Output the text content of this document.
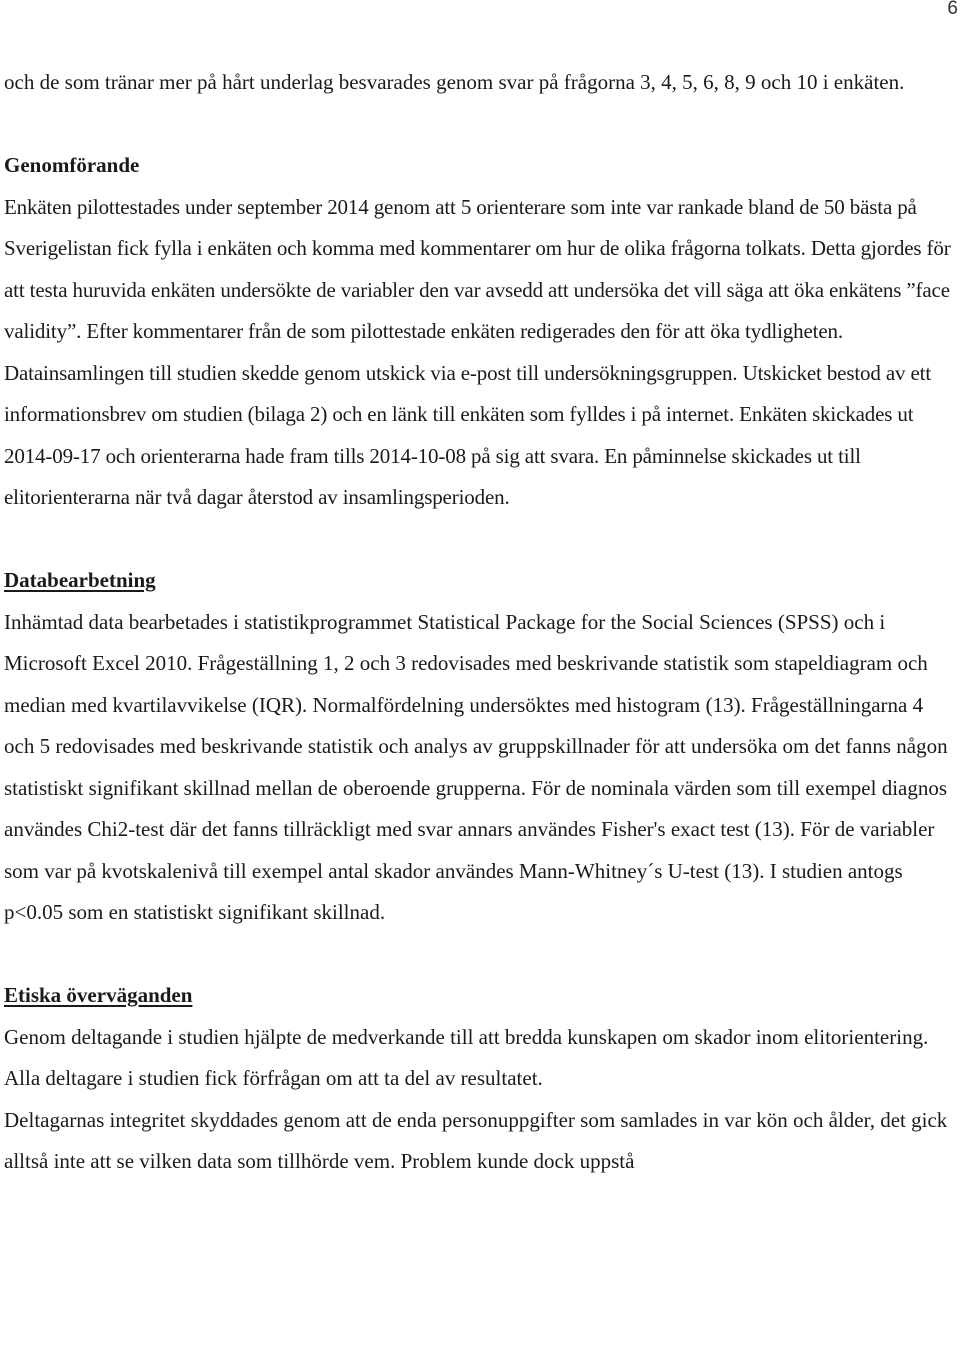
6

och de som tränar mer på hårt underlag besvarades genom svar på frågorna 3, 4, 5, 6, 8, 9 och 10 i enkäten.

Genomförande

Enkäten pilottestades under september 2014 genom att 5 orienterare som inte var rankade bland de 50 bästa på Sverigelistan fick fylla i enkäten och komma med kommentarer om hur de olika frågorna tolkats. Detta gjordes för att testa huruvida enkäten undersökte de variabler den var avsedd att undersöka det vill säga att öka enkätens ”face validity”. Efter kommentarer från de som pilottestade enkäten redigerades den för att öka tydligheten.

Datainsamlingen till studien skedde genom utskick via e-post till undersökningsgruppen. Utskicket bestod av ett informationsbrev om studien (bilaga 2) och en länk till enkäten som fylldes i på internet. Enkäten skickades ut 2014-09-17 och orienterarna hade fram tills 2014-10-08 på sig att svara. En påminnelse skickades ut till elitorienterarna när två dagar återstod av insamlingsperioden.

Databearbetning

Inhämtad data bearbetades i statistikprogrammet Statistical Package for the Social Sciences (SPSS) och i Microsoft Excel 2010. Frågeställning 1, 2 och 3 redovisades med beskrivande statistik som stapeldiagram och median med kvartilavvikelse (IQR). Normalfördelning undersöktes med histogram (13). Frågeställningarna 4 och 5 redovisades med beskrivande statistik och analys av gruppskillnader för att undersöka om det fanns någon statistiskt signifikant skillnad mellan de oberoende grupperna. För de nominala värden som till exempel diagnos användes Chi2-test där det fanns tillräckligt med svar annars användes Fisher's exact test (13). För de variabler som var på kvotskalenivå till exempel antal skador användes Mann-Whitney´s U-test (13). I studien antogs p<0.05 som en statistiskt signifikant skillnad.

Etiska överväganden

Genom deltagande i studien hjälpte de medverkande till att bredda kunskapen om skador inom elitorientering. Alla deltagare i studien fick förfrågan om att ta del av resultatet.

Deltagarnas integritet skyddades genom att de enda personuppgifter som samlades in var kön och ålder, det gick alltså inte att se vilken data som tillhörde vem. Problem kunde dock uppstå
